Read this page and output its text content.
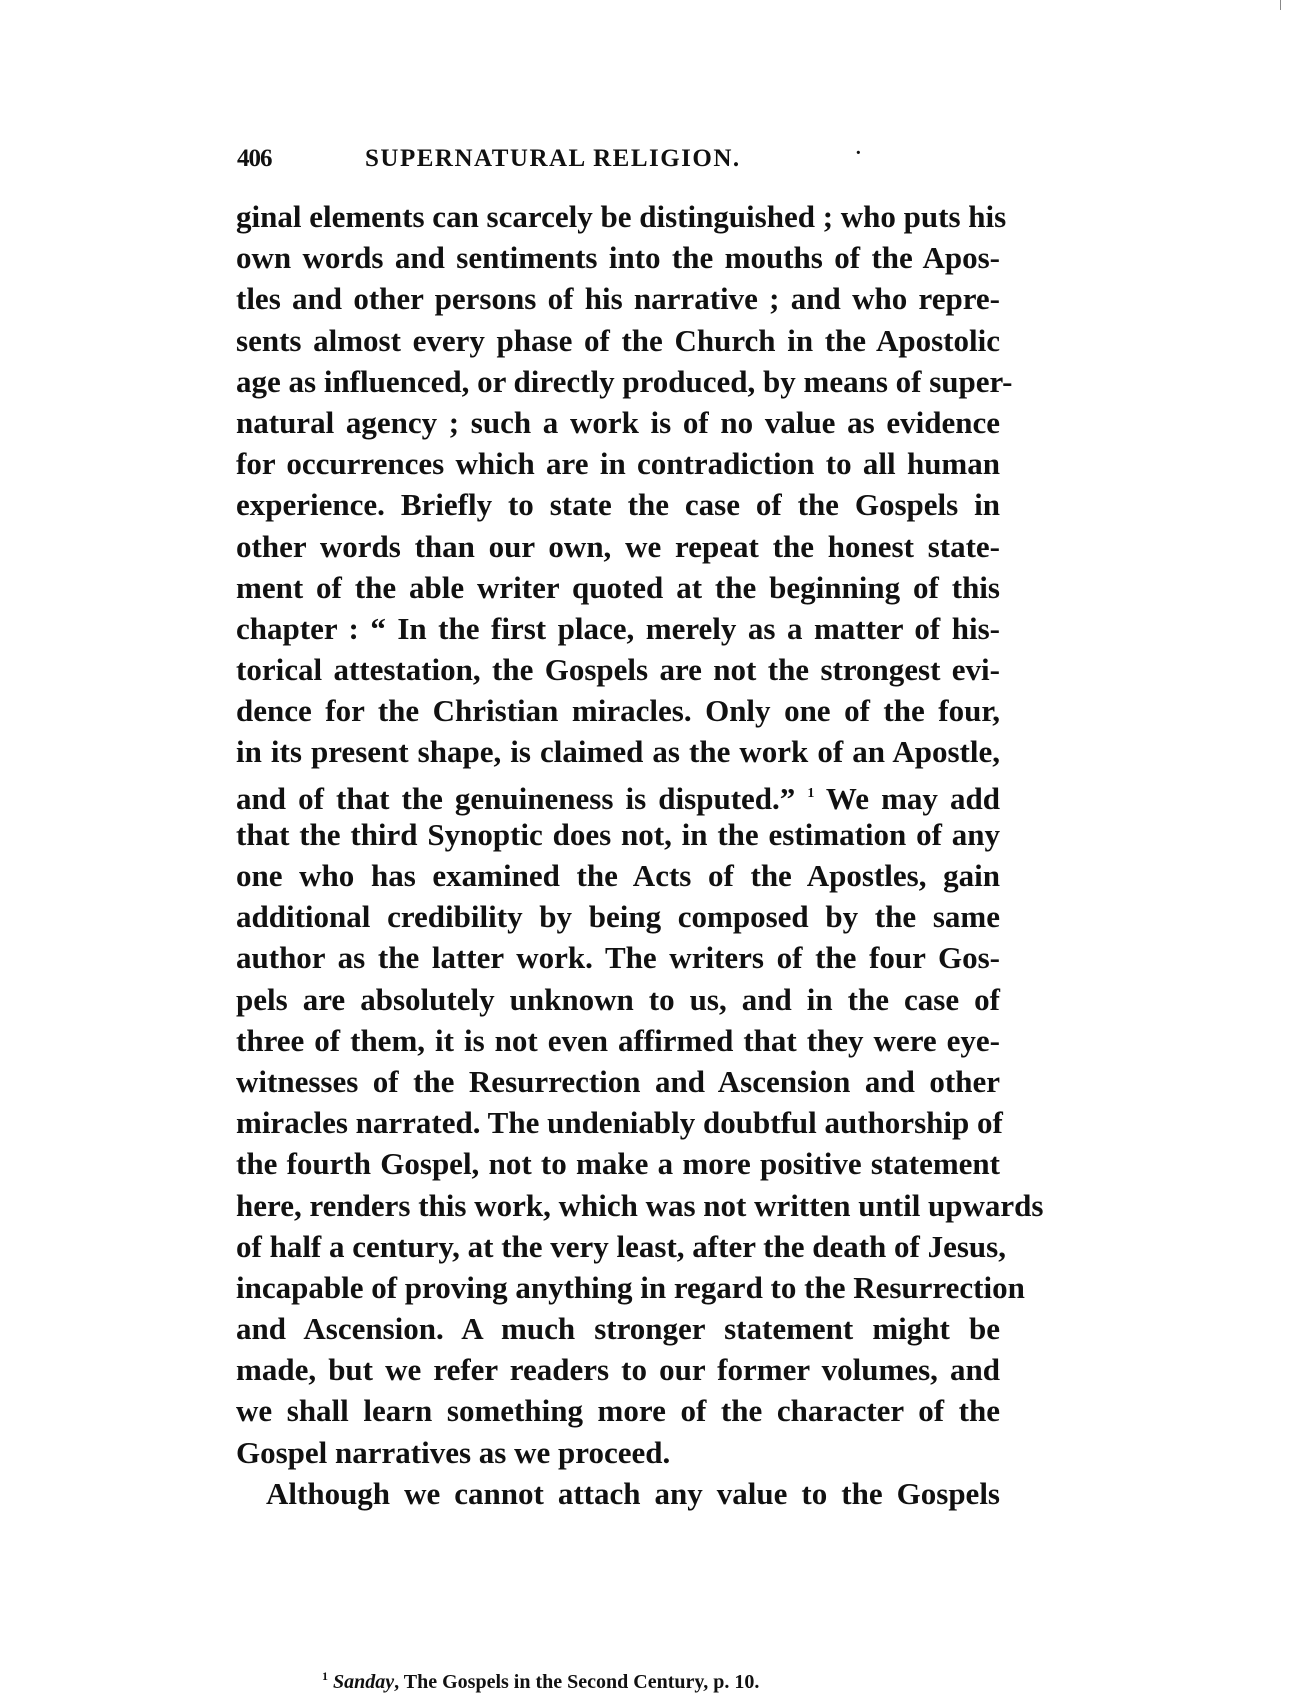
406	SUPERNATURAL RELIGION.	·
ginal elements can scarcely be distinguished ; who puts his
own words and sentiments into the mouths of the Apos-
tles and other persons of his narrative ; and who repre-
sents almost every phase of the Church in the Apostolic
age as influenced, or directly produced, by means of super-
natural agency ; such a work is of no value as evidence
for occurrences which are in contradiction to all human
experience. Briefly to state the case of the Gospels in
other words than our own, we repeat the honest state-
ment of the able writer quoted at the beginning of this
chapter : “ In the first place, merely as a matter of his-
torical attestation, the Gospels are not the strongest evi-
dence for the Christian miracles. Only one of the four,
in its present shape, is claimed as the work of an Apostle,
and of that the genuineness is disputed.” $^1$ We may add
that the third Synoptic does not, in the estimation of any
one who has examined the Acts of the Apostles, gain
additional credibility by being composed by the same
author as the latter work. The writers of the four Gos-
pels are absolutely unknown to us, and in the case of
three of them, it is not even affirmed that they were eye-
witnesses of the Resurrection and Ascension and other
miracles narrated. The undeniably doubtful authorship of
the fourth Gospel, not to make a more positive statement
here, renders this work, which was not written until upwards
of half a century, at the very least, after the death of Jesus,
incapable of proving anything in regard to the Resurrection
and Ascension. A much stronger statement might be
made, but we refer readers to our former volumes, and
we shall learn something more of the character of the
Gospel narratives as we proceed.
Although we cannot attach any value to the Gospels
$^1$ Sanday, The Gospels in the Second Century, p. 10.
